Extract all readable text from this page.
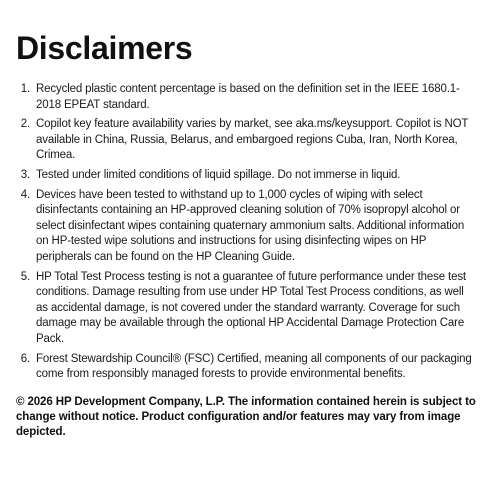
Disclaimers
1. Recycled plastic content percentage is based on the definition set in the IEEE 1680.1-2018 EPEAT standard.
2. Copilot key feature availability varies by market, see aka.ms/keysupport. Copilot is NOT available in China, Russia, Belarus, and embargoed regions Cuba, Iran, North Korea, Crimea.
3. Tested under limited conditions of liquid spillage. Do not immerse in liquid.
4. Devices have been tested to withstand up to 1,000 cycles of wiping with select disinfectants containing an HP-approved cleaning solution of 70% isopropyl alcohol or select disinfectant wipes containing quaternary ammonium salts. Additional information on HP-tested wipe solutions and instructions for using disinfecting wipes on HP peripherals can be found on the HP Cleaning Guide.
5. HP Total Test Process testing is not a guarantee of future performance under these test conditions. Damage resulting from use under HP Total Test Process conditions, as well as accidental damage, is not covered under the standard warranty. Coverage for such damage may be available through the optional HP Accidental Damage Protection Care Pack.
6. Forest Stewardship Council® (FSC) Certified, meaning all components of our packaging come from responsibly managed forests to provide environmental benefits.

© 2026 HP Development Company, L.P. The information contained herein is subject to change without notice. Product configuration and/or features may vary from image depicted.
